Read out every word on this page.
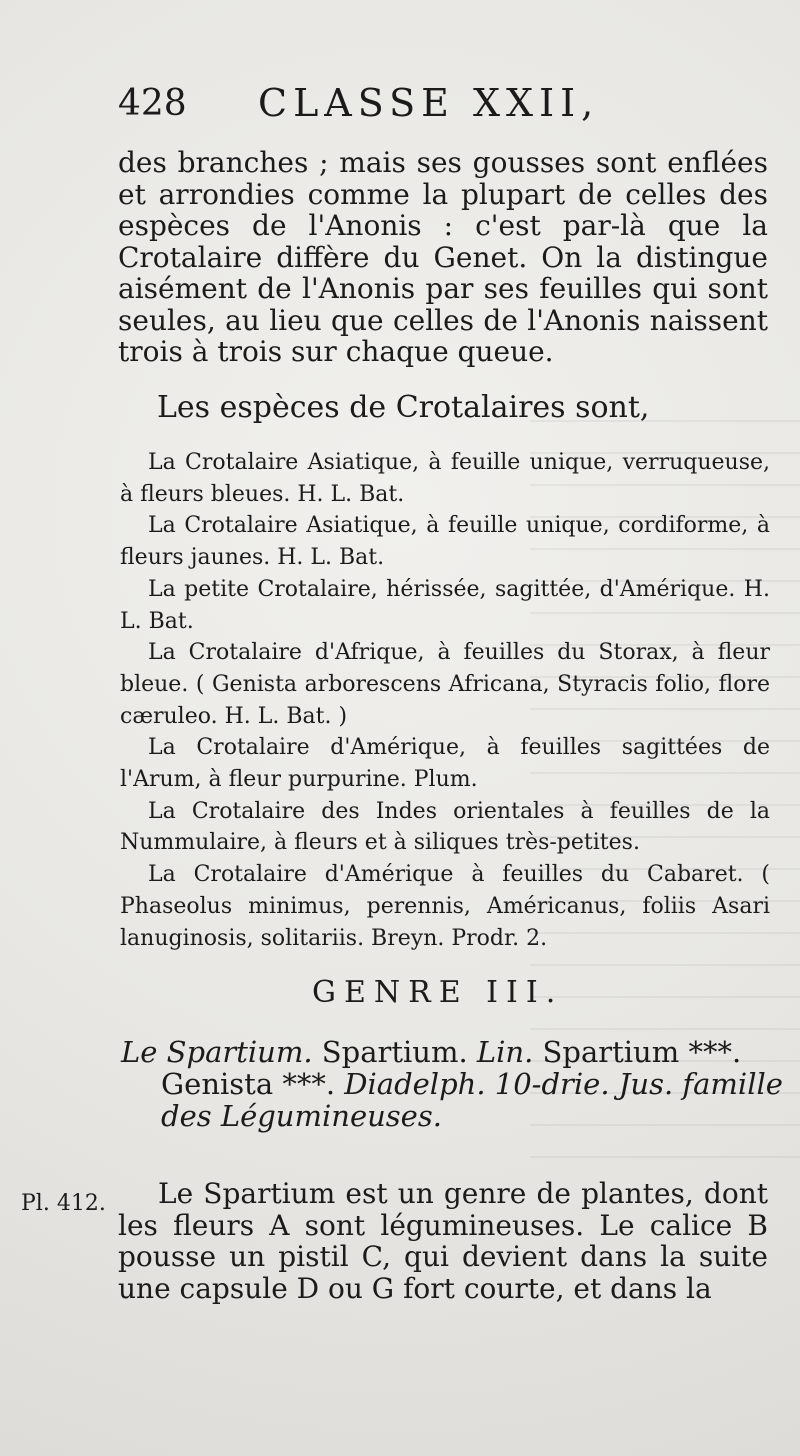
428 CLASSE XXII,

des branches ; mais ses gousses sont enflées et arrondies comme la plupart de celles des espèces de l'Anonis : c'est par-là que la Crotalaire diffère du Genet. On la distingue aisément de l'Anonis par ses feuilles qui sont seules, au lieu que celles de l'Anonis naissent trois à trois sur chaque queue.

Les espèces de Crotalaires sont,

La Crotalaire Asiatique, à feuille unique, verruqueuse, à fleurs bleues. H. L. Bat.

La Crotalaire Asiatique, à feuille unique, cordiforme, à fleurs jaunes. H. L. Bat.

La petite Crotalaire, hérissée, sagittée, d'Amérique. H. L. Bat.

La Crotalaire d'Afrique, à feuilles du Storax, à fleur bleue. ( Genista arborescens Africana, Styracis folio, flore cæruleo. H. L. Bat. )

La Crotalaire d'Amérique, à feuilles sagittées de l'Arum, à fleur purpurine. Plum.

La Crotalaire des Indes orientales à feuilles de la Nummulaire, à fleurs et à siliques très-petites.

La Crotalaire d'Amérique à feuilles du Cabaret. ( Phaseolus minimus, perennis, Américanus, foliis Asari lanuginosis, solitariis. Breyn. Prodr. 2.

GENRE III.

Le Spartium. Spartium. Lin. Spartium ***.
Genista ***. Diadelph. 10-drie. Jus. famille
des Légumineuses.

Pl. 412.	Le Spartium est un genre de plantes, dont les fleurs A sont légumineuses. Le calice B pousse un pistil C, qui devient dans la suite une capsule D ou G fort courte, et dans la
